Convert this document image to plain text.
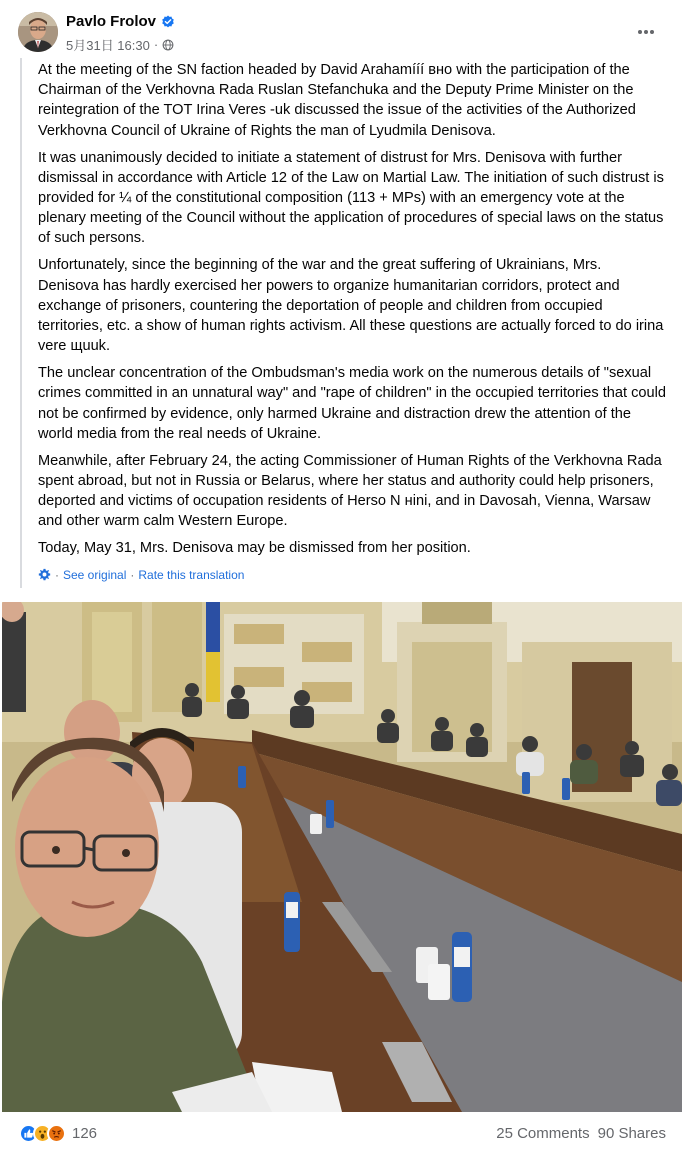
Pavlo Frolov
5月31日 16:30 ·

At the meeting of the SN faction headed by David Arahamííí вно with the participation of the Chairman of the Verkhovna Rada Ruslan Stefanchuka and the Deputy Prime Minister on the reintegration of the TOT Irina Veres -uk discussed the issue of the activities of the Authorized Verkhovna Council of Ukraine of Rights the man of Lyudmila Denisova.

It was unanimously decided to initiate a statement of distrust for Mrs. Denisova with further dismissal in accordance with Article 12 of the Law on Martial Law. The initiation of such distrust is provided for ¼ of the constitutional composition (113 + MPs) with an emergency vote at the plenary meeting of the Council without the application of procedures of special laws on the status of such persons.

Unfortunately, since the beginning of the war and the great suffering of Ukrainians, Mrs. Denisova has hardly exercised her powers to organize humanitarian corridors, protect and exchange of prisoners, countering the deportation of people and children from occupied territories, etc. a show of human rights activism. All these questions are actually forced to do irina vere щuuk.

The unclear concentration of the Ombudsman's media work on the numerous details of "sexual crimes committed in an unnatural way" and "rape of children" in the occupied territories that could not be confirmed by evidence, only harmed Ukraine and distraction drew the attention of the world media from the real needs of Ukraine.

Meanwhile, after February 24, the acting Commissioner of Human Rights of the Verkhovna Rada spent abroad, but not in Russia or Belarus, where her status and authority could help prisoners, deported and victims of occupation residents of Herso N нini, and in Davosah, Vienna, Warsaw and other warm calm Western Europe.

Today, May 31, Mrs. Denisova may be dismissed from her position.

· See original · Rate this translation
126	25 Comments 90 Shares
